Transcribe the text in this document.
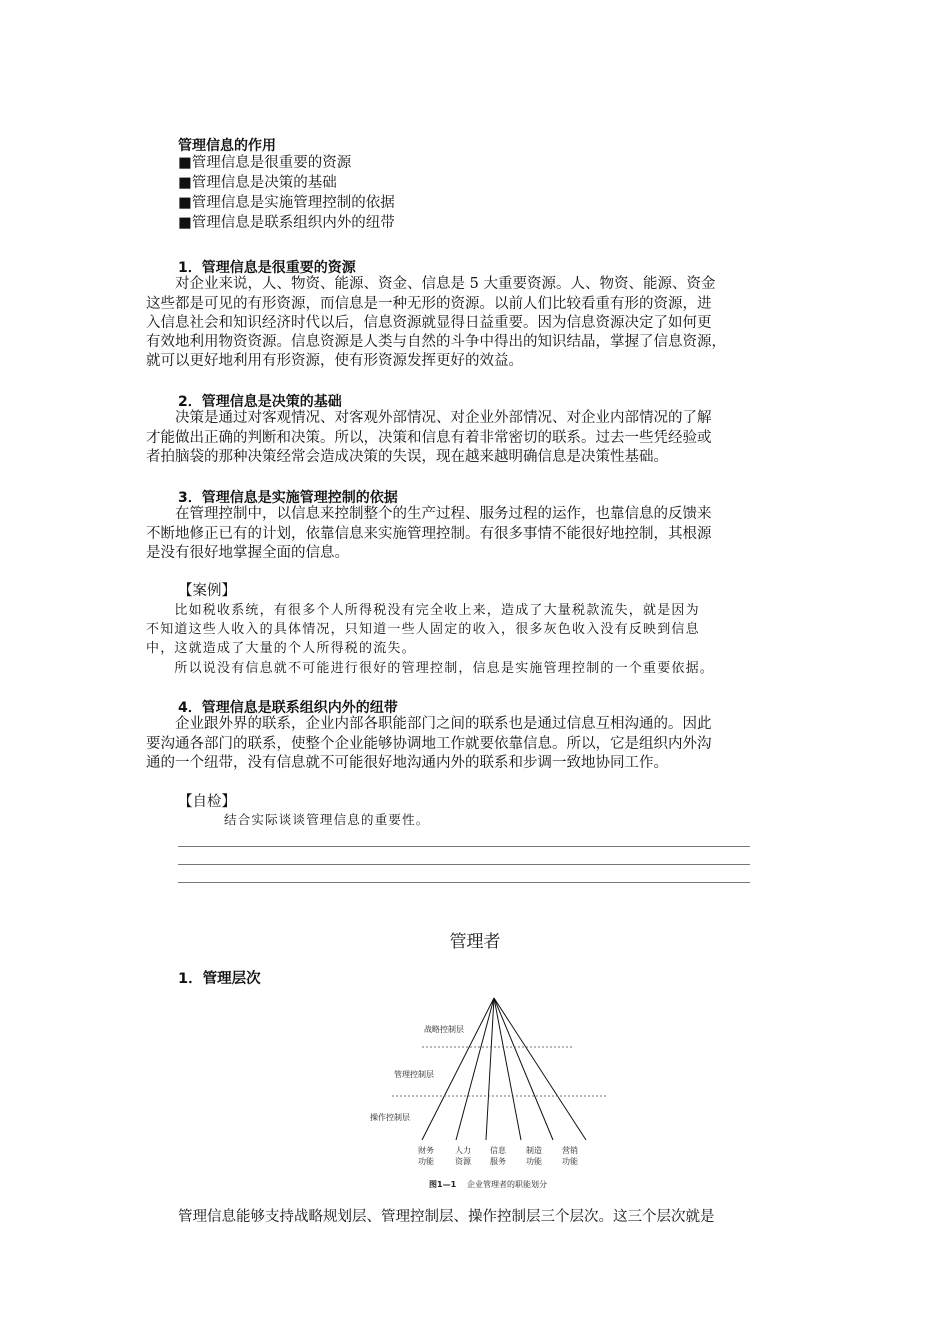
管理信息的作用
■管理信息是很重要的资源
■管理信息是决策的基础
■管理信息是实施管理控制的依据
■管理信息是联系组织内外的纽带
1．管理信息是很重要的资源
　　对企业来说，人、物资、能源、资金、信息是 5 大重要资源。人、物资、能源、资金
这些都是可见的有形资源，而信息是一种无形的资源。以前人们比较看重有形的资源，进
入信息社会和知识经济时代以后，信息资源就显得日益重要。因为信息资源决定了如何更
有效地利用物资资源。信息资源是人类与自然的斗争中得出的知识结晶，掌握了信息资源，
就可以更好地利用有形资源，使有形资源发挥更好的效益。
2．管理信息是决策的基础
　　决策是通过对客观情况、对客观外部情况、对企业外部情况、对企业内部情况的了解
才能做出正确的判断和决策。所以，决策和信息有着非常密切的联系。过去一些凭经验或
者拍脑袋的那种决策经常会造成决策的失误，现在越来越明确信息是决策性基础。
3．管理信息是实施管理控制的依据
　　在管理控制中，以信息来控制整个的生产过程、服务过程的运作，也靠信息的反馈来
不断地修正已有的计划，依靠信息来实施管理控制。有很多事情不能很好地控制，其根源
是没有很好地掌握全面的信息。
【案例】
　　比如税收系统，有很多个人所得税没有完全收上来，造成了大量税款流失，就是因为
不知道这些人收入的具体情况，只知道一些人固定的收入，很多灰色收入没有反映到信息
中，这就造成了大量的个人所得税的流失。
　　所以说没有信息就不可能进行很好的管理控制，信息是实施管理控制的一个重要依据。
4．管理信息是联系组织内外的纽带
　　企业跟外界的联系，企业内部各职能部门之间的联系也是通过信息互相沟通的。因此
要沟通各部门的联系，使整个企业能够协调地工作就要依靠信息。所以，它是组织内外沟
通的一个纽带，没有信息就不可能很好地沟通内外的联系和步调一致地协同工作。
【自检】
结合实际谈谈管理信息的重要性。
管理者
1．管理层次
战略控制层
管理控制层
操作控制层
财务
功能
人力
资源
信息
服务
制造
功能
营销
功能
图1—1 企业管理者的职能划分
管理信息能够支持战略规划层、管理控制层、操作控制层三个层次。这三个层次就是
